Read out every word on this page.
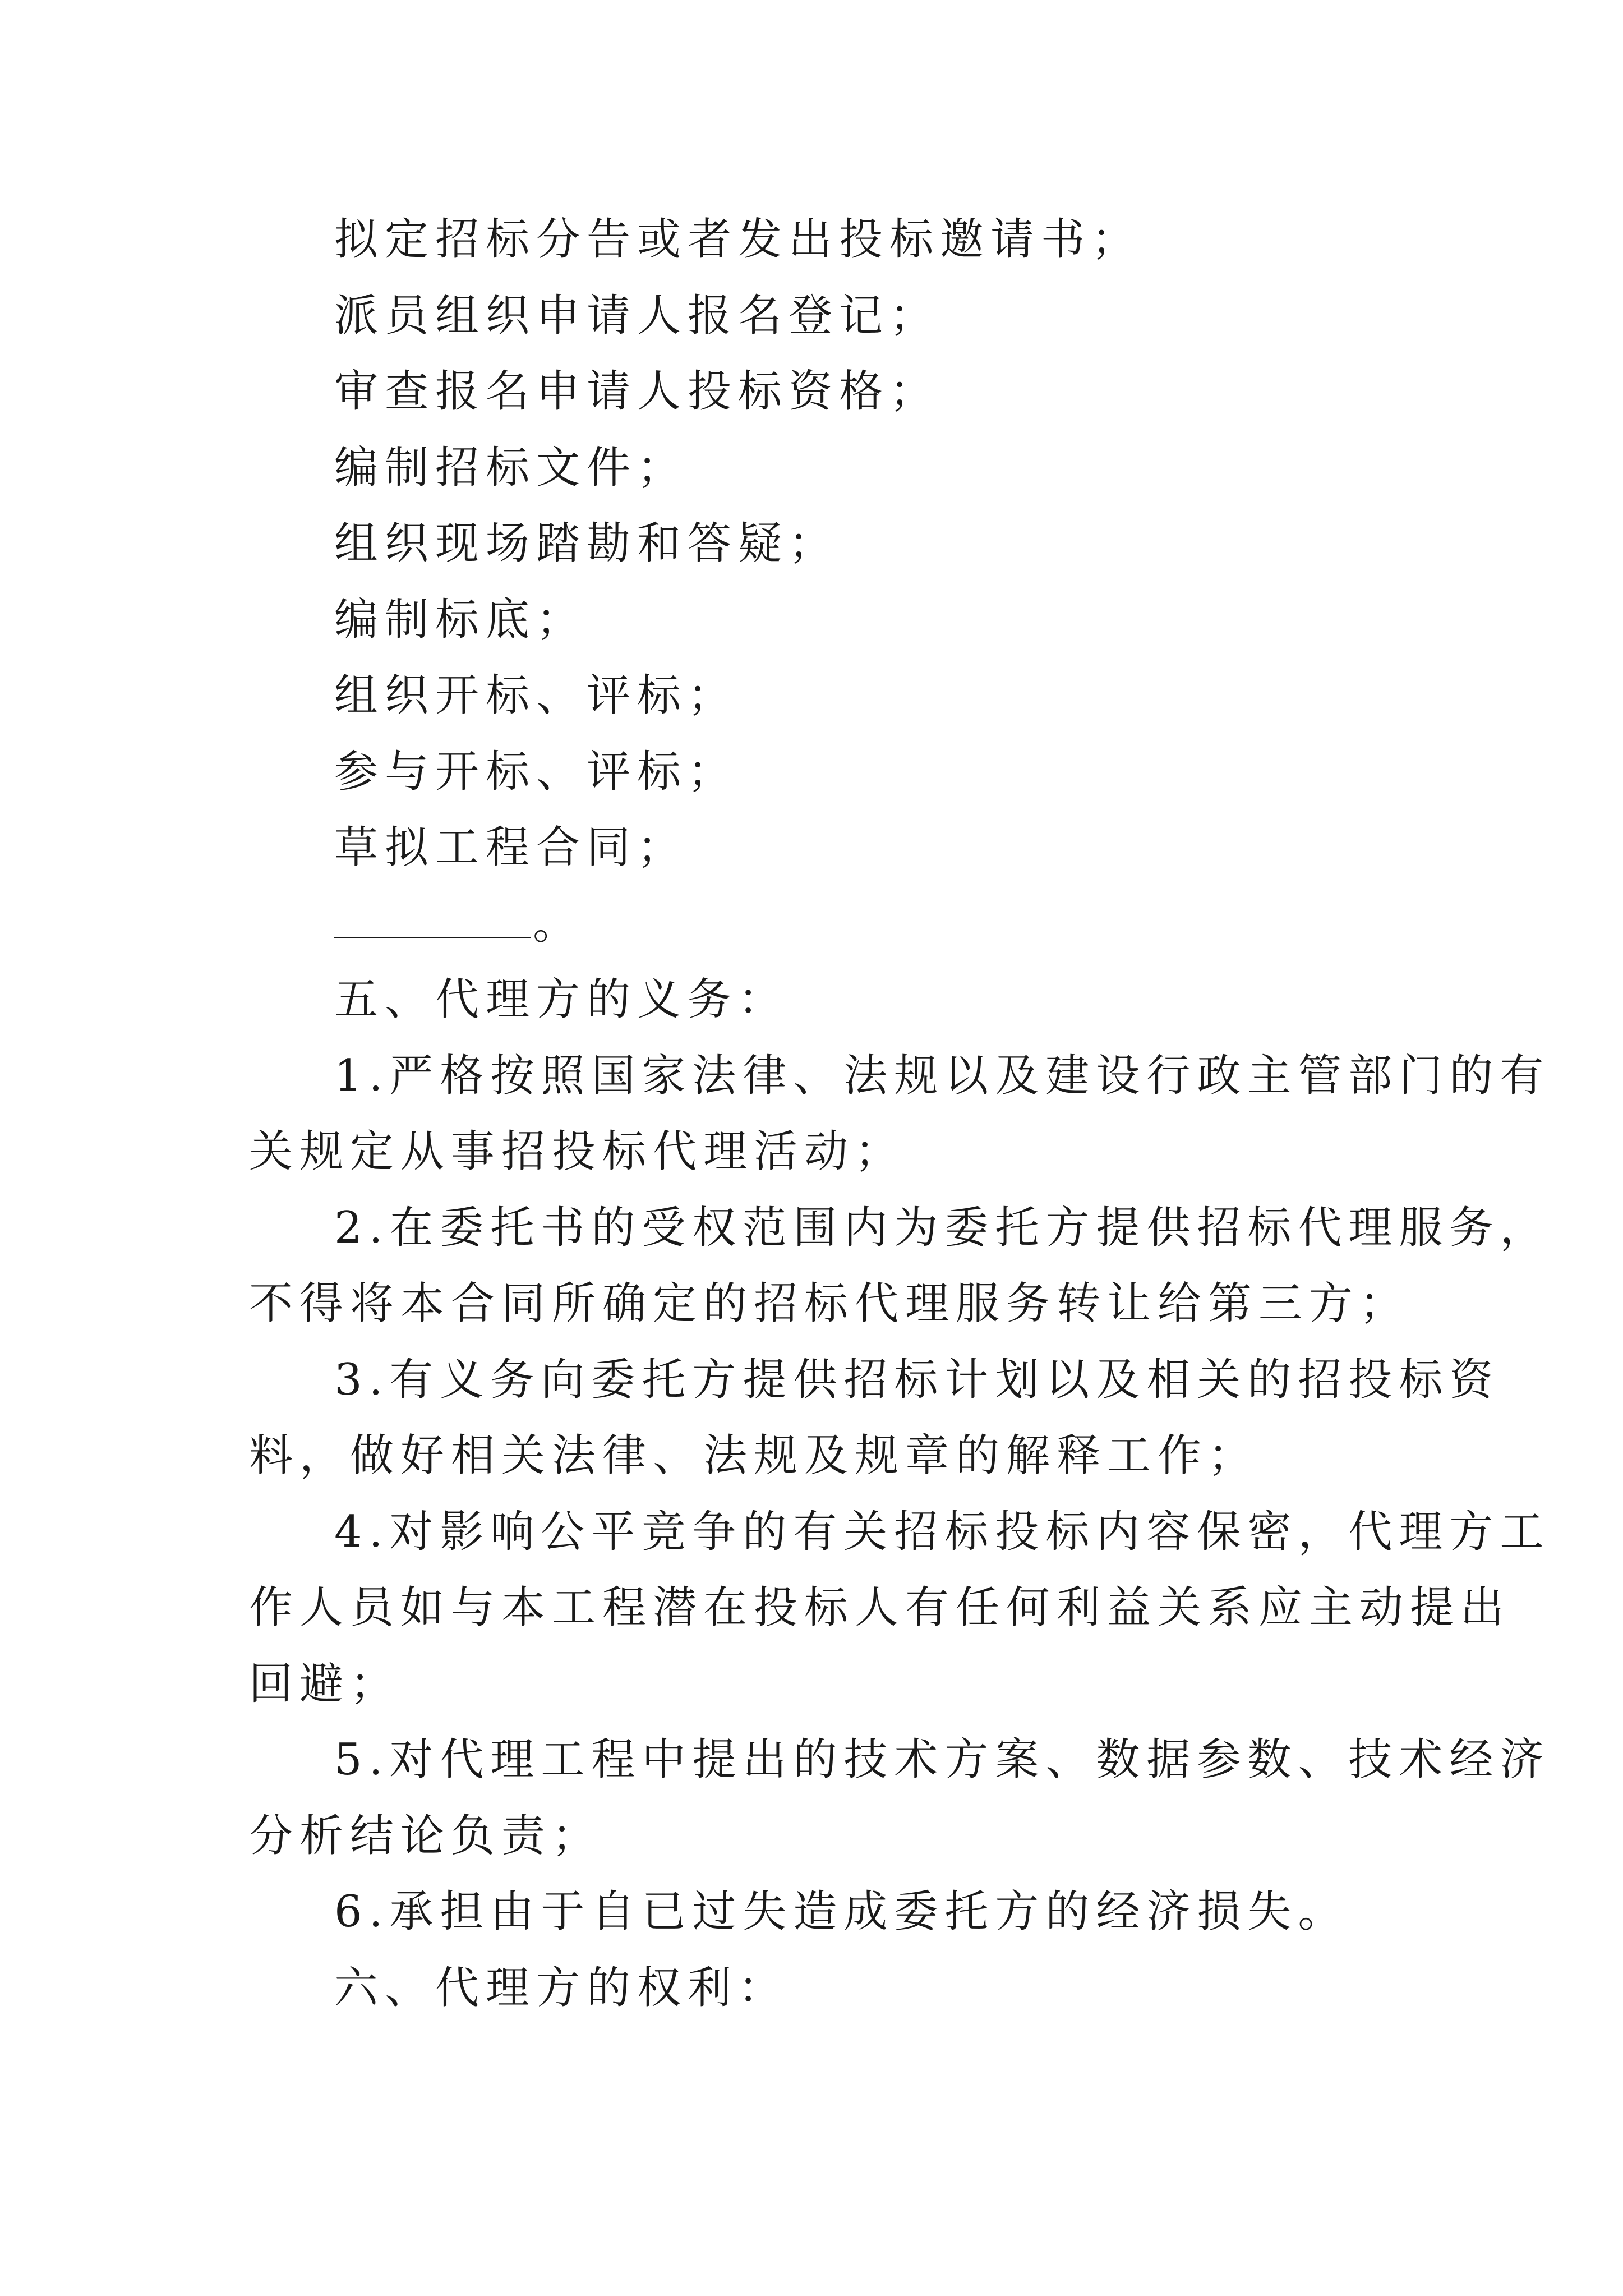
拟定招标分告或者发出投标邀请书；
派员组织申请人报名登记；
审查报名申请人投标资格；
编制招标文件；
组织现场踏勘和答疑；
编制标底；
组织开标、评标；
参与开标、评标；
草拟工程合同；
。
五、代理方的义务：
1.严格按照国家法律、法规以及建设行政主管部门的有
关规定从事招投标代理活动；
2.在委托书的受权范围内为委托方提供招标代理服务，
不得将本合同所确定的招标代理服务转让给第三方；
3.有义务向委托方提供招标计划以及相关的招投标资
料，做好相关法律、法规及规章的解释工作；
4.对影响公平竞争的有关招标投标内容保密，代理方工
作人员如与本工程潜在投标人有任何利益关系应主动提出
回避；
5.对代理工程中提出的技术方案、数据参数、技术经济
分析结论负责；
6.承担由于自已过失造成委托方的经济损失。
六、代理方的权利：
